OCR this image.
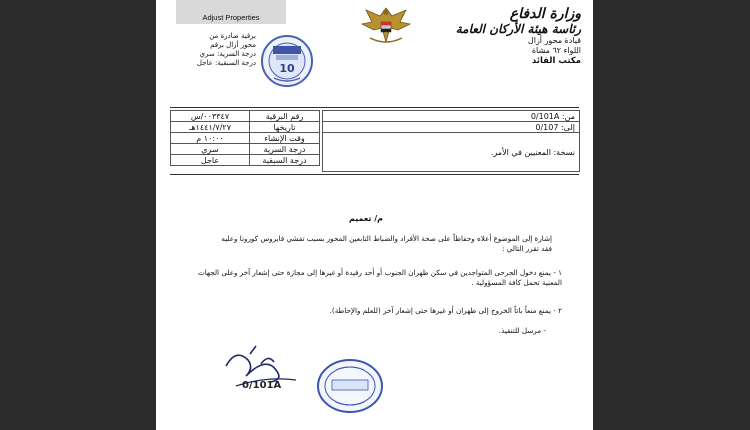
Adjust Properties
برقية صادرة من
محور أزال برقم
درجة السرية: سري
درجة السبقية: عاجل 10
وزارة الدفاع
رئاسة هيئة الأركان العامة
قيادة محور أزال
اللواء ٦٢ مشاة
مكتب القائد
٠٠٣٣٤٧/س	رقم البرقية
١٤٤١/٧/٢٧هـ	تاريخها
١٠:٠٠ م	وقت الإنشاء
سري	درجة السرية
عاجل	درجة السبقية
من: 0/101A
إلى: 0/107
نسخة: المعنيين في الأمر.
م/ تعميم
إشارة إلى الموضوع أعلاه وحفاظاً على صحة الأفراد والضباط التابعين المحور بسبب تفشي فايروس كورونا وعليه فقد تقرر التالي :
١ - يمنع دخول الجرحى المتواجدين في سكن ظهران الجنوب أو أحد رفيدة أو غيرها إلى مجازة حتى إشعار آخر وعلى الجهات المعنية تحمل كافة المسؤولية .
٢ - يمنع منعاً باتاً الخروج إلى ظهران أو غيرها حتى إشعار آخر (للعلم والإحاطة).
- مرسل للتنفيذ.
0/101A
